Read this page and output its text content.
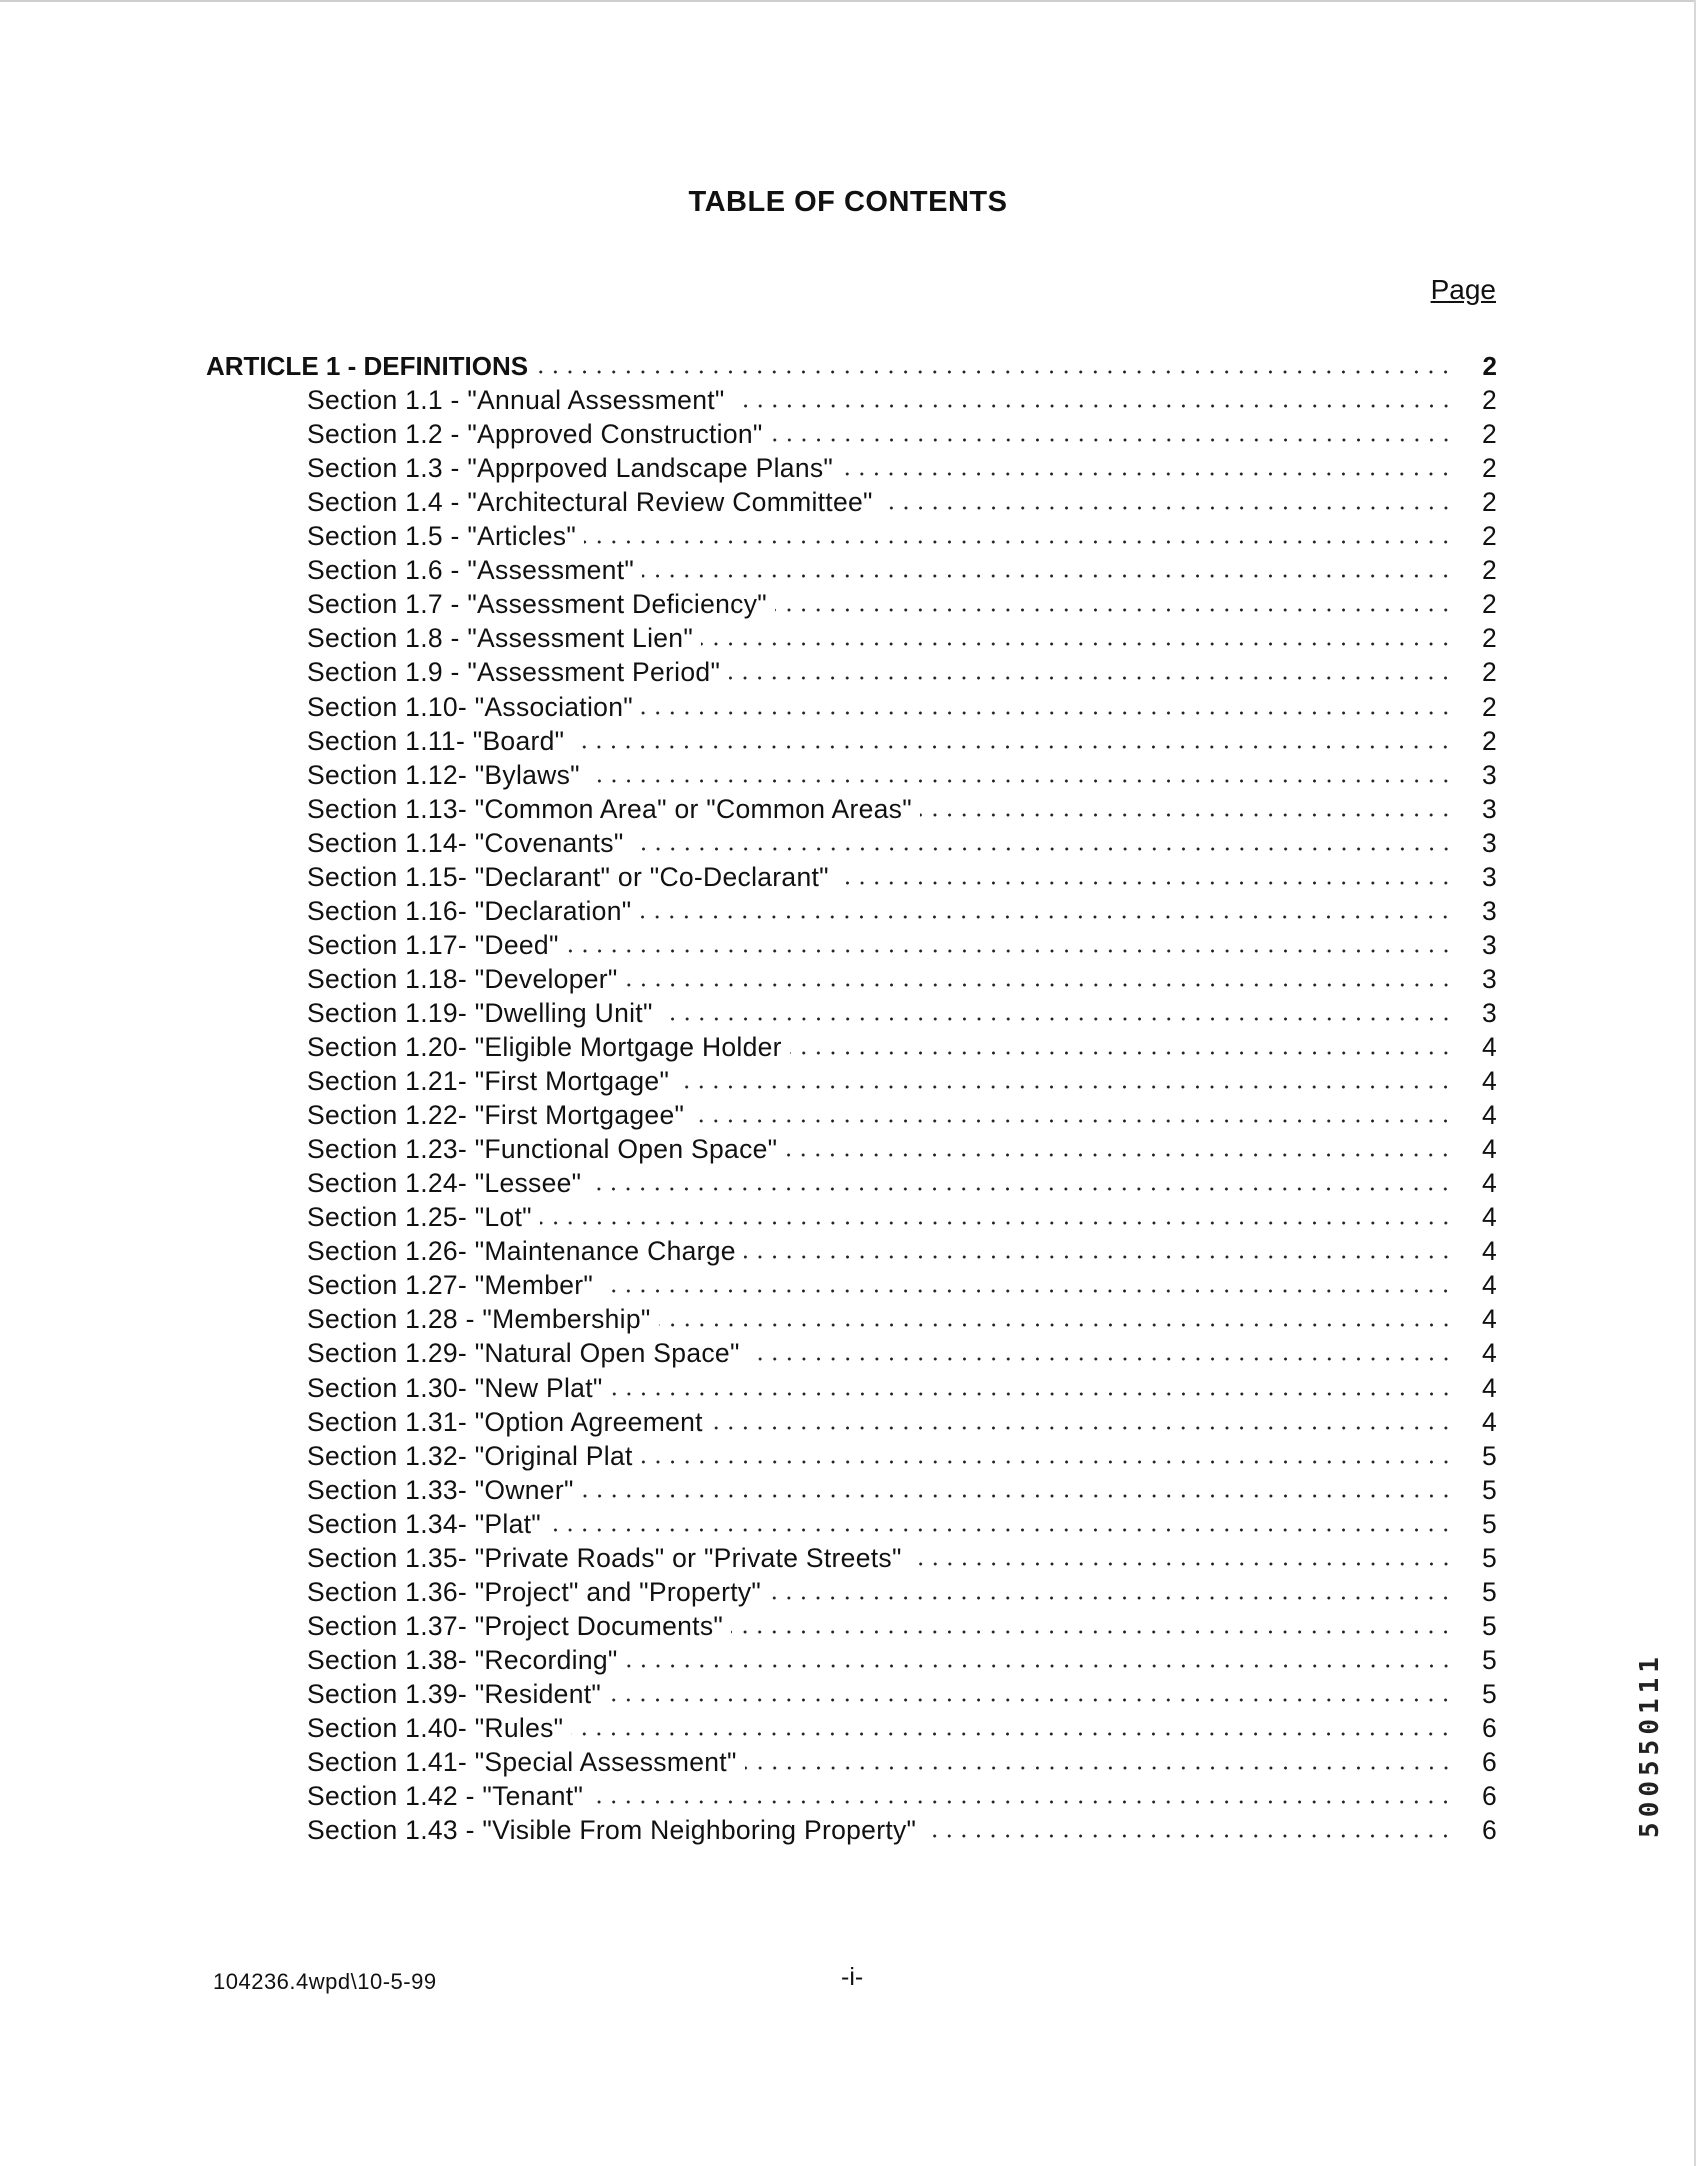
TABLE OF CONTENTS
Page
ARTICLE 1 - DEFINITIONS	2
Section 1.1 - "Annual Assessment"	2
Section 1.2 - "Approved Construction"	2
Section 1.3 - "Apprpoved Landscape Plans"	2
Section 1.4 - "Architectural Review Committee"	2
Section 1.5 - "Articles"	2
Section 1.6 - "Assessment"	2
Section 1.7 - "Assessment Deficiency"	2
Section 1.8 - "Assessment Lien"	2
Section 1.9 - "Assessment Period"	2
Section 1.10- "Association"	2
Section 1.11- "Board"	2
Section 1.12- "Bylaws"	3
Section 1.13- "Common Area" or "Common Areas"	3
Section 1.14- "Covenants"	3
Section 1.15- "Declarant" or "Co-Declarant"	3
Section 1.16- "Declaration"	3
Section 1.17- "Deed"	3
Section 1.18- "Developer"	3
Section 1.19- "Dwelling Unit"	3
Section 1.20- "Eligible Mortgage Holder	4
Section 1.21- "First Mortgage"	4
Section 1.22- "First Mortgagee"	4
Section 1.23- "Functional Open Space"	4
Section 1.24- "Lessee"	4
Section 1.25- "Lot"	4
Section 1.26- "Maintenance Charge	4
Section 1.27- "Member"	4
Section 1.28 - "Membership"	4
Section 1.29- "Natural Open Space"	4
Section 1.30- "New Plat"	4
Section 1.31- "Option Agreement	4
Section 1.32- "Original Plat	5
Section 1.33- "Owner"	5
Section 1.34- "Plat"	5
Section 1.35- "Private Roads" or "Private Streets"	5
Section 1.36- "Project" and "Property"	5
Section 1.37- "Project Documents"	5
Section 1.38- "Recording"	5
Section 1.39- "Resident"	5
Section 1.40- "Rules"	6
Section 1.41- "Special Assessment"	6
Section 1.42 - "Tenant"	6
Section 1.43 - "Visible From Neighboring Property"	6
104236.4wpd\10-5-99	-i-
500550111
